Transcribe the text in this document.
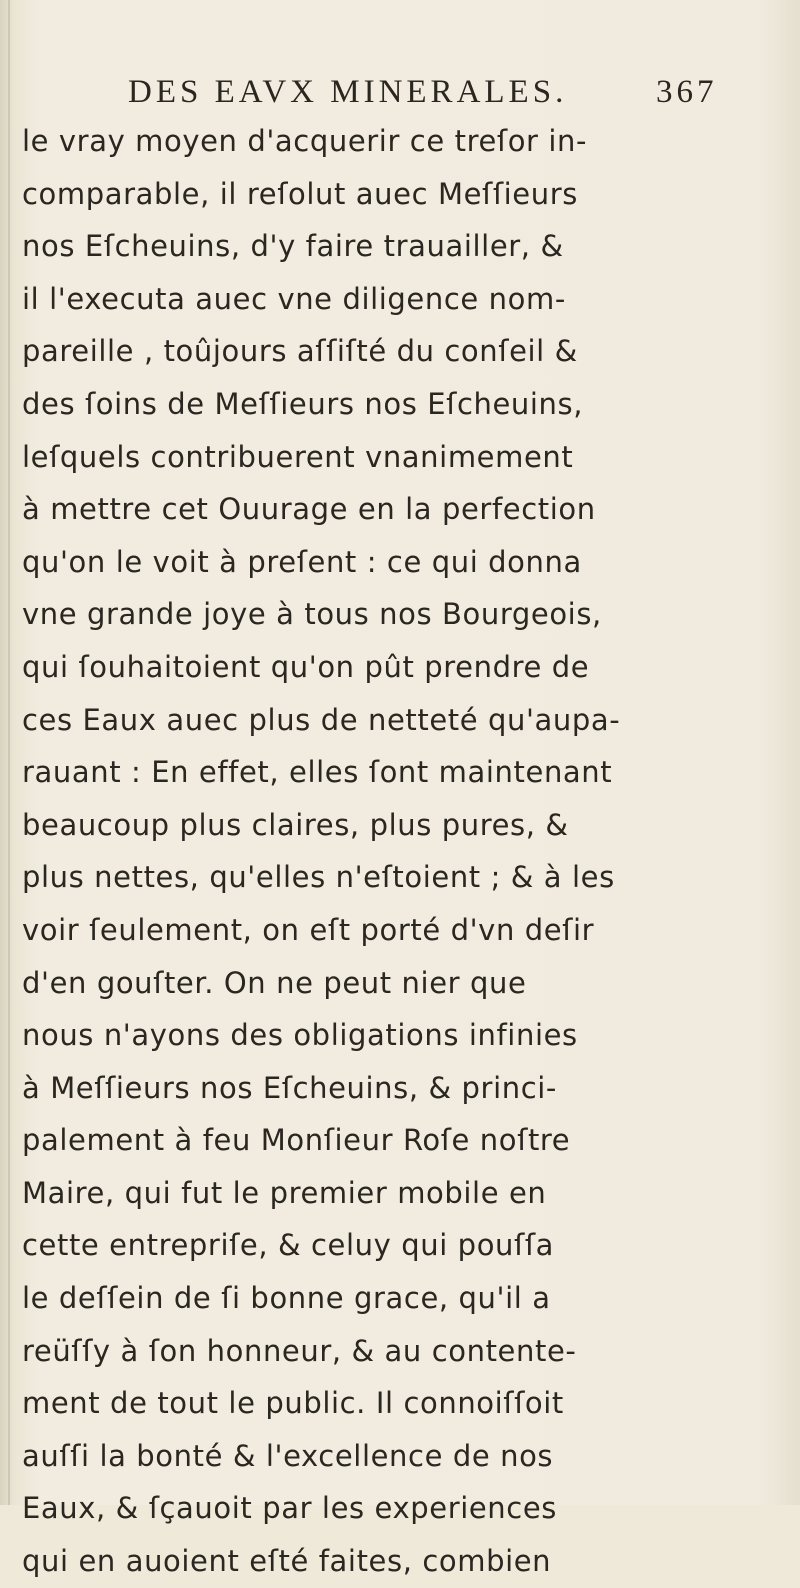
DES EAVX MINERALES.	367
le vray moyen d'acquerir ce treſor in-
comparable, il reſolut auec Meſſieurs
nos Eſcheuins, d'y faire trauailler, &
il l'executa auec vne diligence nom-
pareille , toûjours aſſiſté du conſeil &
des ſoins de Meſſieurs nos Eſcheuins,
leſquels contribuerent vnanimement
à mettre cet Ouurage en la perfection
qu'on le voit à preſent : ce qui donna
vne grande joye à tous nos Bourgeois,
qui ſouhaitoient qu'on pût prendre de
ces Eaux auec plus de netteté qu'aupa-
rauant : En effet, elles ſont maintenant
beaucoup plus claires, plus pures, &
plus nettes, qu'elles n'eſtoient ; & à les
voir ſeulement, on eſt porté d'vn deſir
d'en gouſter. On ne peut nier que
nous n'ayons des obligations infinies
à Meſſieurs nos Eſcheuins, & princi-
palement à feu Monſieur Roſe noſtre
Maire, qui fut le premier mobile en
cette entrepriſe, & celuy qui pouſſa
le deſſein de ſi bonne grace, qu'il a
reüſſy à ſon honneur, & au contente-
ment de tout le public. Il connoiſſoit
auſſi la bonté & l'excellence de nos
Eaux, & ſçauoit par les experiences
qui en auoient eſté faites, combien
